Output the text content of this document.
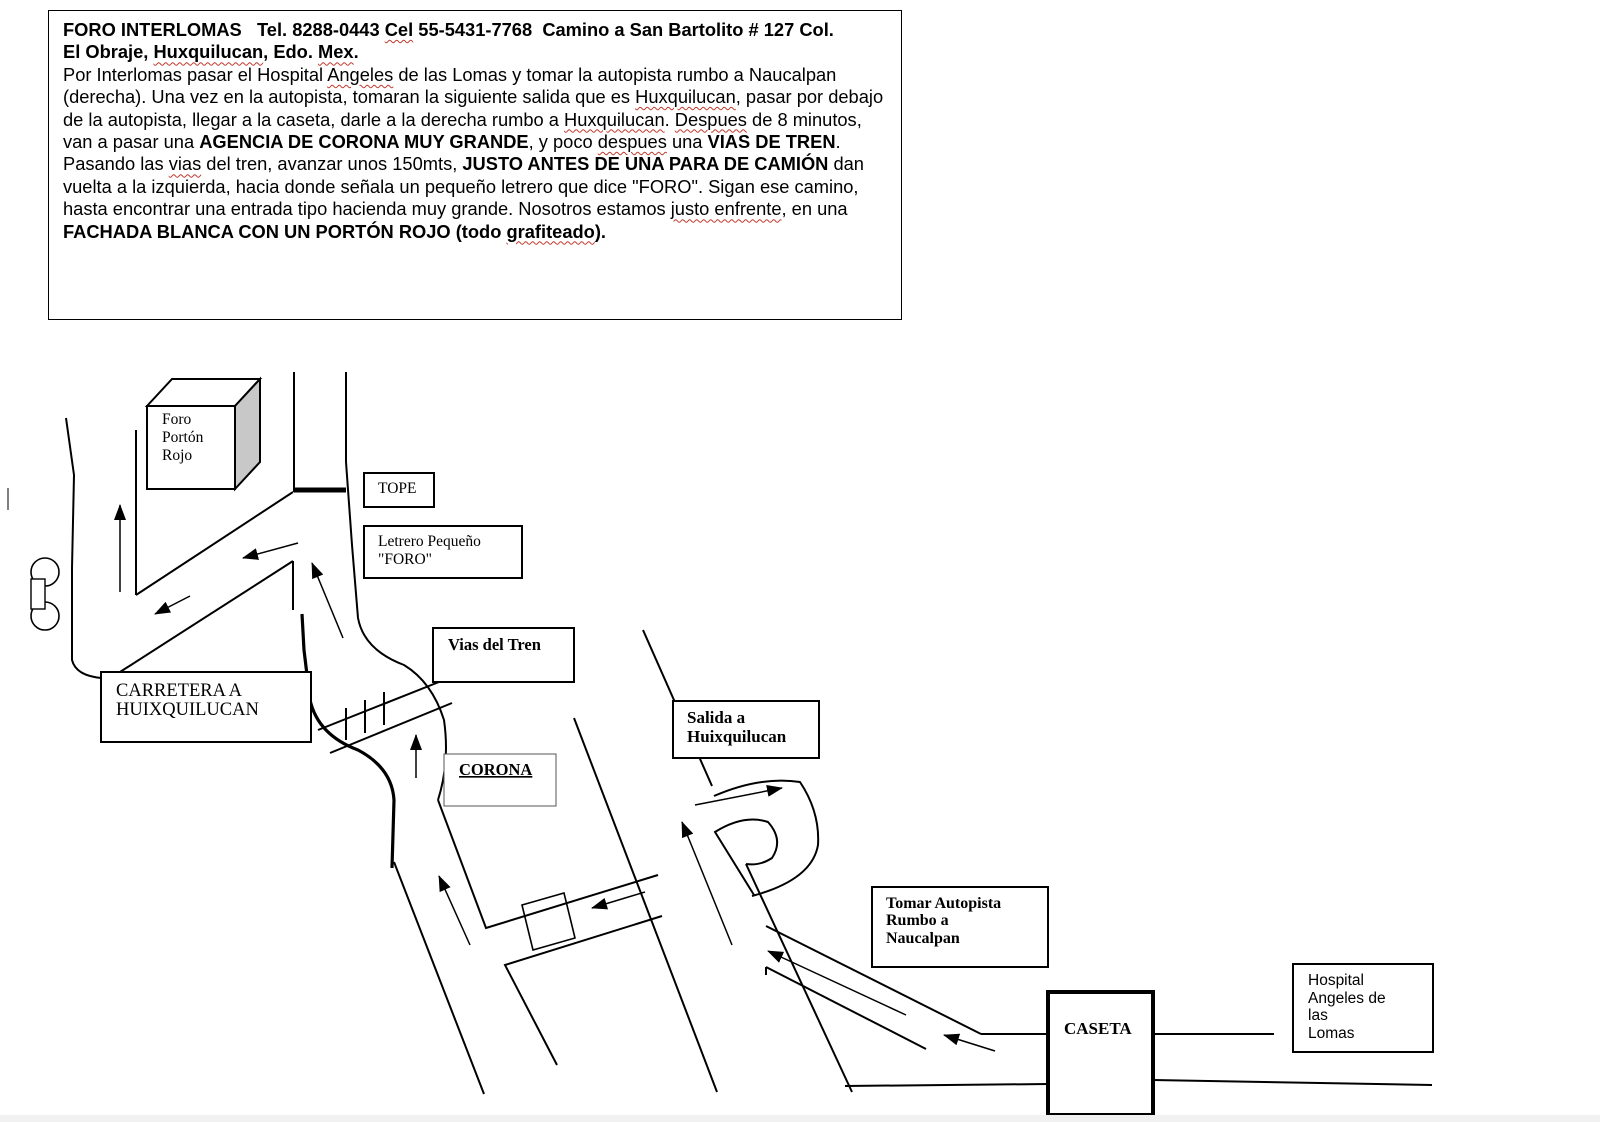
FORO INTERLOMAS Tel. 8288-0443 Cel 55-5431-7768 Camino a San Bartolito # 127 Col.
El Obraje, Huxquilucan, Edo. Mex.

Por Interlomas pasar el Hospital Angeles de las Lomas y tomar la autopista rumbo a Naucalpan (derecha). Una vez en la autopista, tomaran la siguiente salida que es Huxquilucan, pasar por debajo de la autopista, llegar a la caseta, darle a la derecha rumbo a Huxquilucan. Despues de 8 minutos, van a pasar una AGENCIA DE CORONA MUY GRANDE, y poco despues una VIAS DE TREN. Pasando las vias del tren, avanzar unos 150mts, JUSTO ANTES DE UNA PARA DE CAMIÓN dan vuelta a la izquierda, hacia donde señala un pequeño letrero que dice "FORO". Sigan ese camino, hasta encontrar una entrada tipo hacienda muy grande. Nosotros estamos justo enfrente, en una FACHADA BLANCA CON UN PORTÓN ROJO (todo grafiteado).

Foro
Portón
Rojo
TOPE
Letrero Pequeño
"FORO"
CARRETERA A
HUIXQUILUCAN
Vias del Tren
CORONA
Salida a
Huixquilucan
Tomar Autopista
Rumbo a
Naucalpan
CASETA
Hospital
Angeles de
las
Lomas
